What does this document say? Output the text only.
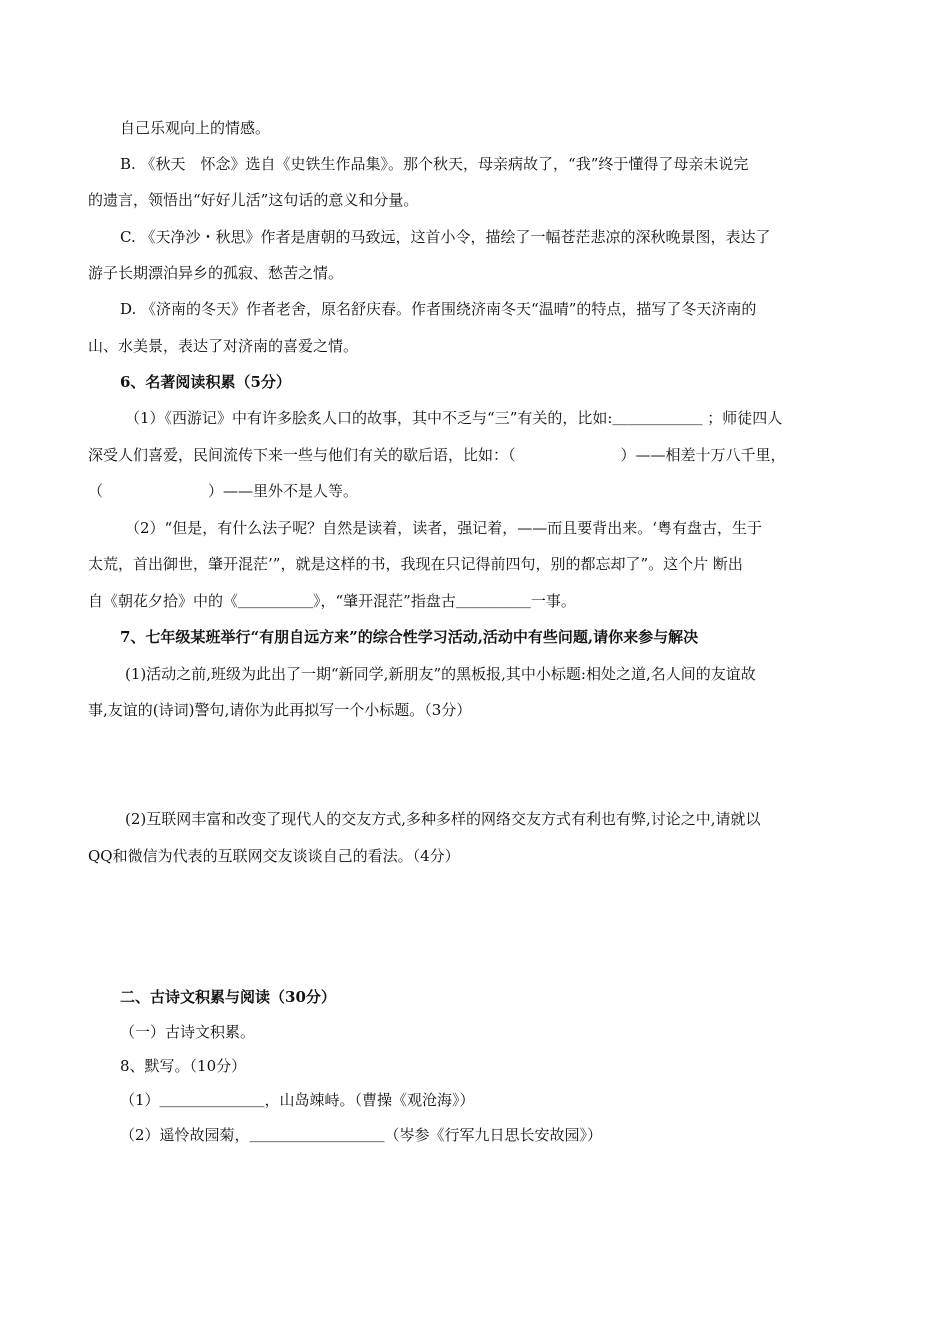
自己乐观向上的情感。
B. 《秋天　怀念》选自《史铁生作品集》。那个秋天，母亲病故了，“我”终于懂得了母亲未说完
的遗言，领悟出“好好儿活”这句话的意义和分量。
C. 《天净沙・秋思》作者是唐朝的马致远，这首小令，描绘了一幅苍茫悲凉的深秋晚景图，表达了
游子长期漂泊异乡的孤寂、愁苦之情。
D. 《济南的冬天》作者老舍，原名舒庆春。作者围绕济南冬天“温晴”的特点，描写了冬天济南的
山、水美景，表达了对济南的喜爱之情。
6、名著阅读积累（5分）
（1）《西游记》中有许多脍炙人口的故事，其中不乏与“三”有关的，比如:＿＿＿＿＿＿ ；师徒四人
深受人们喜爱，民间流传下来一些与他们有关的歇后语，比如：（　　　　　　　）——相差十万八千里，
（　　　　　　　）——里外不是人等。
（2）“但是，有什么法子呢？自然是读着，读者，强记着，——而且要背出来。‘粤有盘古，生于
太荒，首出御世，肇开混茫’”，就是这样的书，我现在只记得前四句，别的都忘却了”。这个片 断出
自《朝花夕拾》中的《＿＿＿＿＿》，“肇开混茫”指盘古＿＿＿＿＿一事。
7、七年级某班举行“有朋自远方来”的综合性学习活动,活动中有些问题,请你来参与解决
(1)活动之前,班级为此出了一期“新同学,新朋友”的黑板报,其中小标题:相处之道,名人间的友谊故
事,友谊的(诗词)警句,请你为此再拟写一个小标题。（3分）
(2)互联网丰富和改变了现代人的交友方式,多种多样的网络交友方式有利也有弊,讨论之中,请就以
QQ和微信为代表的互联网交友谈谈自己的看法。（4分）
二、古诗文积累与阅读（30分）
（一）古诗文积累。
8、默写。（10分）
（1）＿＿＿＿＿＿＿，山岛竦峙。（曹操《观沧海》）
（2）遥怜故园菊，＿＿＿＿＿＿＿＿＿（岑参《行军九日思长安故园》）
